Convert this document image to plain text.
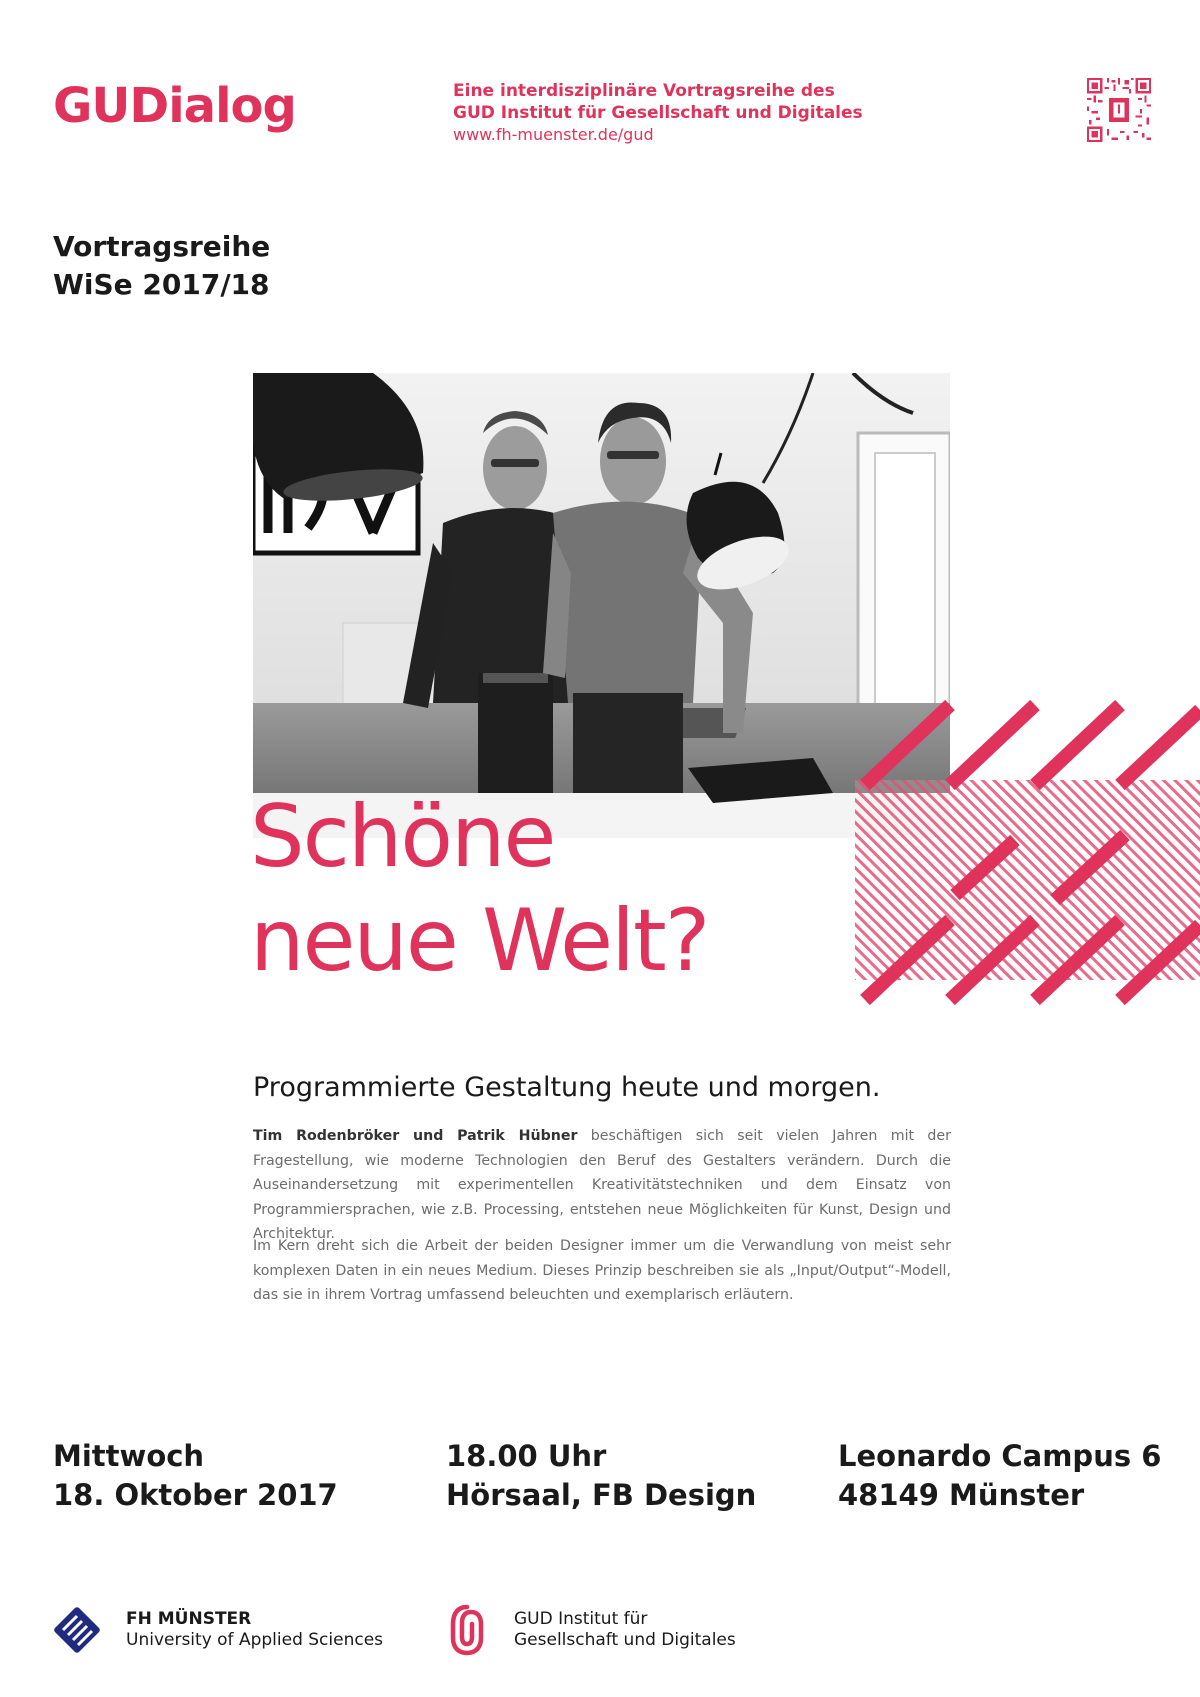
GUDialog	Eine interdisziplinäre Vortragsreihe des
GUD Institut für Gesellschaft und Digitales
www.fh-muenster.de/gud
Vortragsreihe
WiSe 2017/18
Schöne
neue Welt?
Programmierte Gestaltung heute und morgen.

Tim Rodenbröker und Patrik Hübner beschäftigen sich seit vielen Jahren mit der Fragestellung, wie moderne Technologien den Beruf des Gestalters verändern. Durch die Auseinandersetzung mit experimentellen Kreativitätstechniken und dem Einsatz von Programmiersprachen, wie z.B. Processing, entstehen neue Möglichkeiten für Kunst, Design und Architektur.

Im Kern dreht sich die Arbeit der beiden Designer immer um die Verwandlung von meist sehr komplexen Daten in ein neues Medium. Dieses Prinzip beschreiben sie als „Input/Output“-Modell, das sie in ihrem Vortrag umfassend beleuchten und exemplarisch erläutern.

Mittwoch
18. Oktober 2017
18.00 Uhr
Hörsaal, FB Design
Leonardo Campus 6
48149 Münster
FH MÜNSTER
University of Applied Sciences
GUD Institut für
Gesellschaft und Digitales
